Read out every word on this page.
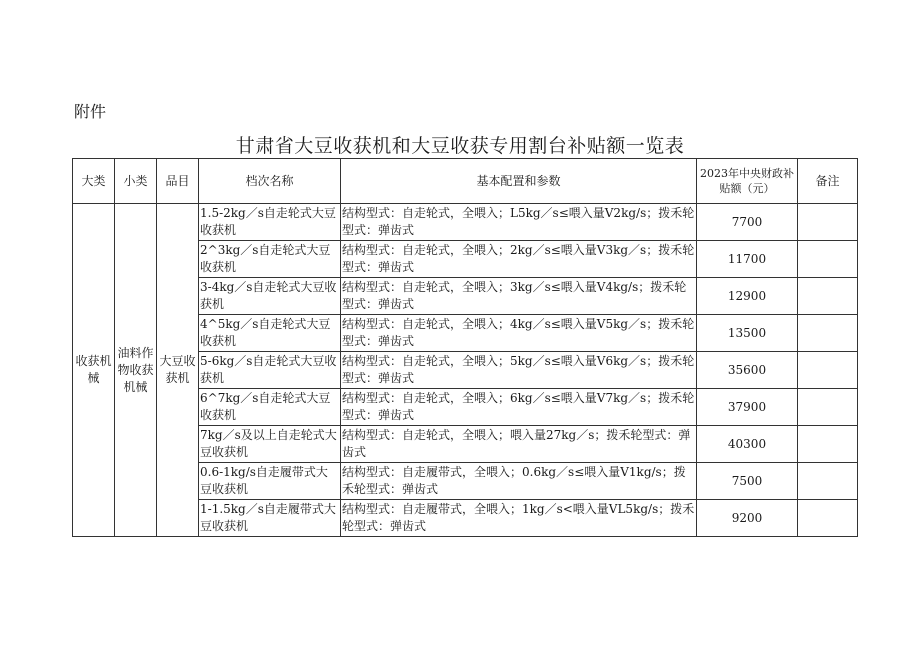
附件
甘肃省大豆收获机和大豆收获专用割台补贴额一览表
大类	小类	品目	档次名称	基本配置和参数	2023年中央财政补贴额（元）	备注
收获机械	油料作物收获机械	大豆收获机	1.5-2kg／s自走轮式大豆收获机	结构型式：自走轮式，全喂入；L5kg／s≤喂入量V2kg/s；拨禾轮型式：弹齿式	7700	
			2^3kg／s自走轮式大豆收获机	结构型式：自走轮式，全喂入；2kg／s≤喂入量V3kg／s；拨禾轮型式：弹齿式	11700	
			3-4kg／s自走轮式大豆收获机	结构型式：自走轮式，全喂入；3kg／s≤喂入量V4kg/s；拨禾轮型式：弹齿式	12900	
			4^5kg／s自走轮式大豆收获机	结构型式：自走轮式，全喂入；4kg／s≤喂入量V5kg／s；拨禾轮型式：弹齿式	13500	
			5-6kg／s自走轮式大豆收获机	结构型式：自走轮式，全喂入；5kg／s≤喂入量V6kg／s；拨禾轮型式：弹齿式	35600	
			6^7kg／s自走轮式大豆收获机	结构型式：自走轮式，全喂入；6kg／s≤喂入量V7kg／s；拨禾轮型式：弹齿式	37900	
			7kg／s及以上自走轮式大豆收获机	结构型式：自走轮式，全喂入；喂入量27kg／s；拨禾轮型式：弹齿式	40300	
			0.6-1kg/s自走履带式大豆收获机	结构型式：自走履带式，全喂入；0.6kg／s≤喂入量V1kg/s；拨禾轮型式：弹齿式	7500	
			1-1.5kg／s自走履带式大豆收获机	结构型式：自走履带式，全喂入；1kg／s<喂入量VL5kg/s；拨禾轮型式：弹齿式	9200	
